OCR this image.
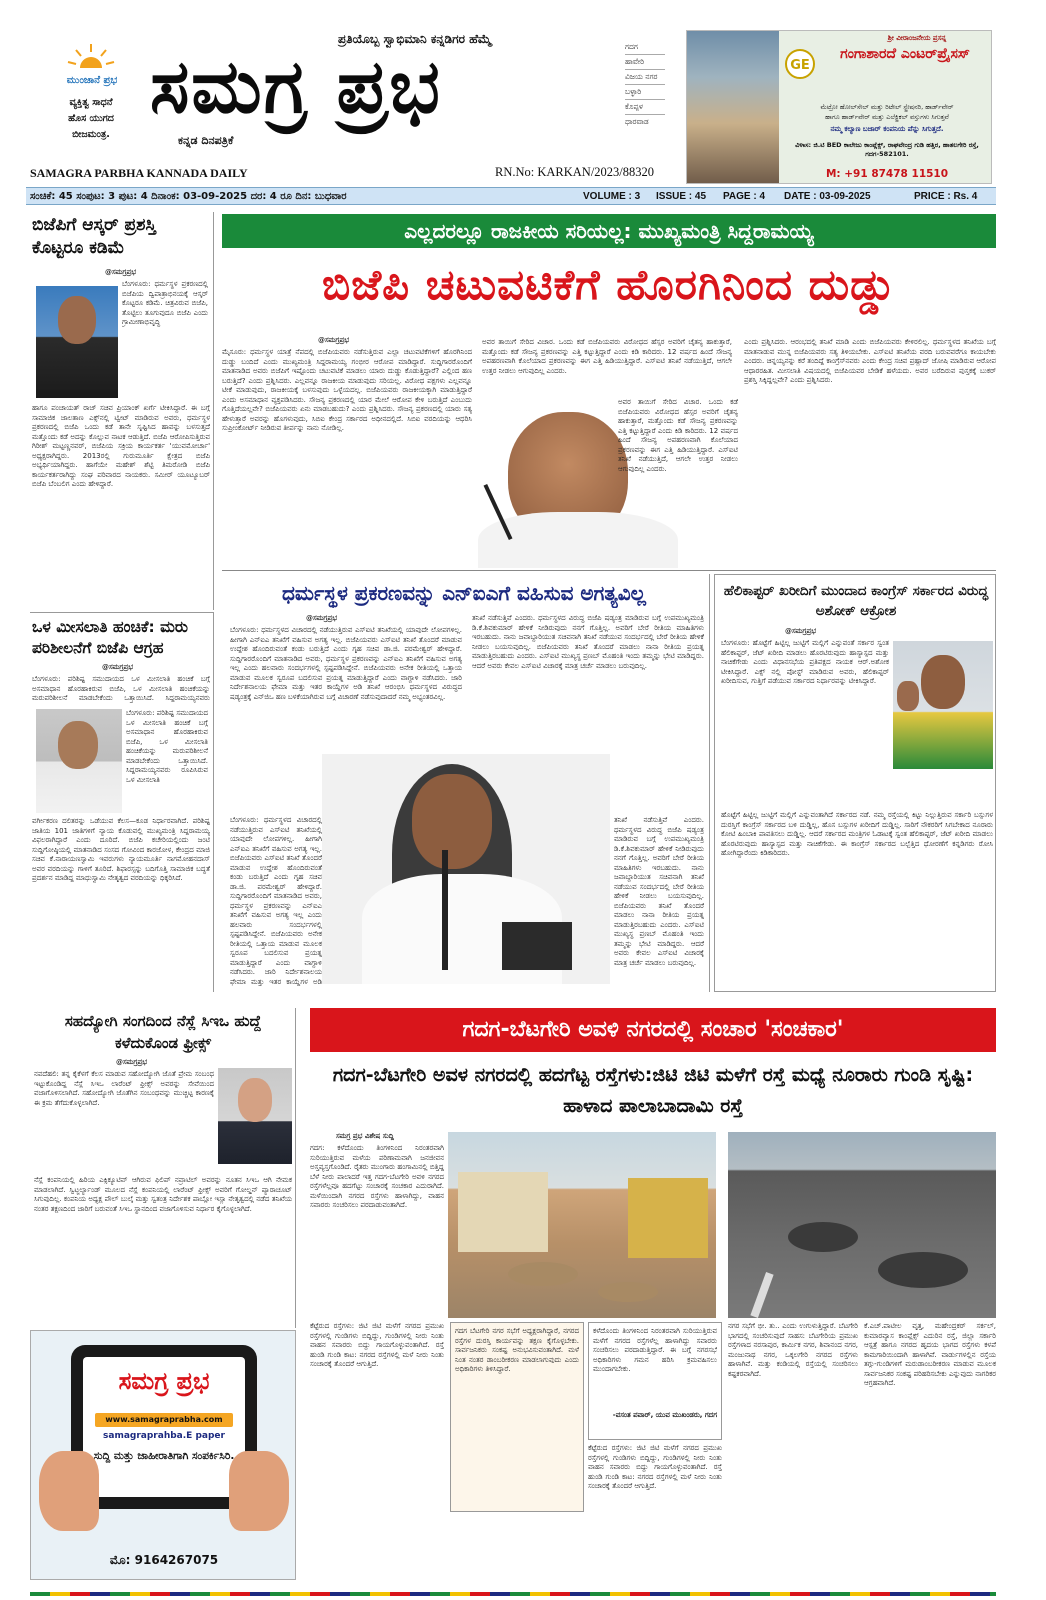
ಮುಂಜಾನೆ ಪ್ರಭ
ವ್ಯಕ್ತಿತ್ವ ಸಾಧನೆ
ಹೊಸ ಯುಗದ
ಬೀಜಮಂತ್ರ.
ಪ್ರತಿಯೊಬ್ಬ ಸ್ವಾಭಿಮಾನಿ ಕನ್ನಡಿಗರ ಹೆಮ್ಮೆ
ಸಮಗ್ರ ಪ್ರಭ
ಕನ್ನಡ ದಿನಪತ್ರಿಕೆ
SAMAGRA PARBHA KANNADA DAILY	RN.No: KARKAN/2023/88320
ಗದಗ
ಹಾವೇರಿ
ವಿಜಯ ನಗರ
ಬಳ್ಳಾರಿ
ಕೊಪ್ಪಳ
ಧಾರವಾಡ
ಶ್ರೀ ವೀರಾಂಜನೇಯ ಪ್ರಸನ್ನ
GE
ಗಂಗಾಶಾರದೆ ಎಂಟರ್‌ಪ್ರೈಸಸ್
ಮೆಟ್ರೋ ಹೋಲ್‌ಸೇಲ್ ಮತ್ತು ರಿಟೇಲ್ ಸ್ಟ್ರೇಷನರಿ, ಹಾರ್ಡ್‌ವೇರ್
ಹಾಗೂ ಹಾರ್ಡ್‌ವೇರ್ ಮತ್ತು ಎಲೆಕ್ಟ್ರಿಕಲ್ ವಸ್ತುಗಳು ಸಿಗುತ್ತವೆ
ನಮ್ಮ ಕಲ್ಯಾಣ ಬಜಾರ್ ಕಂಪನಿಯ ಪೆನ್ನು ಸಿಗುತ್ತದೆ.
ವಿಳಾಸ: ಜಿ.ಟಿ BED ಕಾಲೇಜು ಕಾಂಪ್ಲೆಕ್ಸ್, ರಾಘವೇಂದ್ರ ಗುಡಿ ಹತ್ತಿರ, ಹಾತಲಗೇರಿ ರಸ್ತೆ, ಗದಗ-582101.
M: +91 87478 11510
ಸಂಚಿಕೆ: 45 ಸಂಪುಟ: 3 ಪುಟ: 4 ದಿನಾಂಕ: 03-09-2025 ದರ: 4 ರೂ ದಿನ: ಬುಧವಾರ	VOLUME : 3	ISSUE : 45	PAGE : 4	DATE : 03-09-2025	PRICE : Rs. 4
ಬಿಜೆಪಿಗೆ ಆಸ್ಕರ್ ಪ್ರಶಸ್ತಿ ಕೊಟ್ಟರೂ ಕಡಿಮೆ
@ಸಮಗ್ರಪ್ರಭ
ಬೆಂಗಳೂರು: ಧರ್ಮಸ್ಥಳ ಪ್ರಕರಣದಲ್ಲಿ ಬಿಜೆಪಿಯ ದ್ವಿಪಾತ್ರಾಭಿನಯಕ್ಕೆ ಆಸ್ಕರ್ ಕೊಟ್ಟರೂ ಕಡಿಮೆ. ಚಿತ್ರವಿರುವ ಬಿಜೆಪಿ, ತೊಟ್ಟಿಲು ತೂಗುವುದೂ ಬಿಜೆಪಿ ಎಂದು ಗ್ರಾಮೀಣಾಭಿವೃದ್ಧಿ
ಹಾಗೂ ಪಂಚಾಯತ್ ರಾಜ್ ಸಚಿವ ಪ್ರಿಯಾಂಕ್ ಖರ್ಗೆ ಟೀಕಿಸಿದ್ದಾರೆ. ಈ ಬಗ್ಗೆ ಸಾಮಾಜಿಕ ಜಾಲತಾಣ ಎಕ್ಸ್‌ನಲ್ಲಿ ಟ್ವೀಟ್ ಮಾಡಿರುವ ಅವರು, ಧರ್ಮಸ್ಥಳ ಪ್ರಕರಣದಲ್ಲಿ ಬಿಜೆಪಿ ಒಂದು ಕಡೆ ತಾನೇ ಸೃಷ್ಟಿಸಿದ ಹಾವನ್ನು ಬಳಸುತ್ತದೆ ಮತ್ತೊಂದು ಕಡೆ ಅದನ್ನು ಕೊಲ್ಲುವ ನಾಟಕ ಆಡುತ್ತಿದೆ. ಬಿಜೆಪಿ ಆರೋಪಿಸುತ್ತಿರುವ ಗಿರೀಶ್ ಮಟ್ಟಣ್ಣನವರ್, ಬಿಜೆಪಿಯ ಸಕ್ರಿಯ ಕಾರ್ಯಕರ್ತ 'ಯುವಮೋರ್ಚಾ' ಅಧ್ಯಕ್ಷರಾಗಿದ್ದರು. 2013ರಲ್ಲಿ ಗುರುಮೂರ್ತಿ ಕ್ಷೇತ್ರದ ಬಿಜೆಪಿ ಅಭ್ಯರ್ಥಿಯಾಗಿದ್ದರು. ಹಾಗೆಯೇ ಮಹೇಶ್ ಶೆಟ್ಟಿ ತಿಮರೋಡಿ ಬಿಜೆಪಿ ಕಾರ್ಯಕರ್ತರಾಗಿದ್ದು ಸಂಘ ಪರಿವಾರದ ನಾಯಕರು. ಸಮೀರ್ ಯೂಟ್ಯೂಬರ್ ಬಿಜೆಪಿ ಬೆಂಬಲಿಗ ಎಂದು ಹೇಳಿದ್ದಾರೆ.
ಒಳ ಮೀಸಲಾತಿ ಹಂಚಿಕೆ: ಮರು ಪರಿಶೀಲನೆಗೆ ಬಿಜೆಪಿ ಆಗ್ರಹ
@ಸಮಗ್ರಪ್ರಭ
ಬೆಂಗಳೂರು: ಪರಿಶಿಷ್ಟ ಸಮುದಾಯದ ಒಳ ಮೀಸಲಾತಿ ಹಂಚಿಕೆ ಬಗ್ಗೆ ಅಸಮಾಧಾನ ಹೊರಹಾಕಿರುವ ಬಿಜೆಪಿ, ಒಳ ಮೀಸಲಾತಿ ಹಂಚಿಕೆಯನ್ನು ಮರುಪರಿಶೀಲನೆ ಮಾಡಬೇಕೆಂದು ಒತ್ತಾಯಿಸಿದೆ. ಸಿದ್ದರಾಮಯ್ಯನವರು
ಬೆಂಗಳೂರು: ಪರಿಶಿಷ್ಟ ಸಮುದಾಯದ ಒಳ ಮೀಸಲಾತಿ ಹಂಚಿಕೆ ಬಗ್ಗೆ ಅಸಮಾಧಾನ ಹೊರಹಾಕಿರುವ ಬಿಜೆಪಿ, ಒಳ ಮೀಸಲಾತಿ ಹಂಚಿಕೆಯನ್ನು ಮರುಪರಿಶೀಲನೆ ಮಾಡಬೇಕೆಂದು ಒತ್ತಾಯಿಸಿದೆ. ಸಿದ್ದರಾಮಯ್ಯನವರು ರೂಪಿಸಿರುವ ಒಳ ಮೀಸಲಾತಿ
ವರ್ಗೀಕರಣ ದಲಿತರನ್ನು ಒಡೆಯುವ ಕೆಲಸ—ಕೂಡ ನಿರ್ಧಾರವಾಗಿದೆ. ಪರಿಶಿಷ್ಟ ಜಾತಿಯ 101 ಜಾತಿಗಳಿಗೆ ನ್ಯಾಯ ಕೊಡುವಲ್ಲಿ ಮುಖ್ಯಮಂತ್ರಿ ಸಿದ್ದರಾಮಯ್ಯ ವಿಫಲರಾಗಿದ್ದಾರೆ ಎಂದು ದೂರಿದೆ. ಬಿಜೆಪಿ ಕಚೇರಿಯಲ್ಲಿಂದು ಜಂಟಿ ಸುದ್ದಿಗೋಷ್ಠಿಯಲ್ಲಿ ಮಾತನಾಡಿದ ಸಂಸದ ಗೋವಿಂದ ಕಾರಜೋಳ, ಕೇಂದ್ರದ ಮಾಜಿ ಸಚಿವ ಕೆ.ನಾರಾಯಣಸ್ವಾಮಿ ಇವರುಗಳು ನ್ಯಾಯಮೂರ್ತಿ ನಾಗಮೋಹನದಾಸ್ ಅವರ ವರದಿಯನ್ನು ಗಾಳಿಗೆ ತೂರಿದೆ. ಶಿಫಾರಸ್ಸನ್ನು ಬದಿಗೊತ್ತಿ ಸಾಮಾಜಿಕ ಬದ್ಧತೆ ಪ್ರದರ್ಶನ ಮಾಡಿದ್ದ ಮಾಧುಸ್ವಾಮಿ ನೇತೃತ್ವದ ವರದಿಯನ್ನು ಧಿಕ್ಕರಿಸಿದೆ.
ಎಲ್ಲದರಲ್ಲೂ ರಾಜಕೀಯ ಸರಿಯಲ್ಲ: ಮುಖ್ಯಮಂತ್ರಿ ಸಿದ್ದರಾಮಯ್ಯ
ಬಿಜೆಪಿ ಚಟುವಟಿಕೆಗೆ ಹೊರಗಿನಿಂದ ದುಡ್ಡು
@ಸಮಗ್ರಪ್ರಭ
ಮೈಸೂರು: ಧರ್ಮಸ್ಥಳ ಯಾತ್ರೆ ನೆಪದಲ್ಲಿ ಬಿಜೆಪಿಯವರು ನಡೆಸುತ್ತಿರುವ ಎಲ್ಲಾ ಚಟುವಟಿಕೆಗಳಿಗೆ ಹೊರಗಿನಿಂದ ದುಡ್ಡು ಬಂದಿದೆ ಎಂದು ಮುಖ್ಯಮಂತ್ರಿ ಸಿದ್ದರಾಮಯ್ಯ ಗಂಭೀರ ಆರೋಪ ಮಾಡಿದ್ದಾರೆ. ಸುದ್ದಿಗಾರರೊಂದಿಗೆ ಮಾತನಾಡಿದ ಅವರು ಬಿಜೆಪಿಗೆ ಇಷ್ಟೊಂದು ಚಟುವಟಿಕೆ ಮಾಡಲು ಯಾರು ದುಡ್ಡು ಕೊಡುತ್ತಿದ್ದಾರೆ? ಎಲ್ಲಿಂದ ಹಣ ಬರುತ್ತಿದೆ? ಎಂದು ಪ್ರಶ್ನಿಸಿದರು. ಎಲ್ಲವನ್ನೂ ರಾಜಕೀಯ ಮಾಡುವುದು ಸರಿಯಲ್ಲ. ವಿರೋಧ ಪಕ್ಷಗಳು ಎಲ್ಲವನ್ನೂ ಟೀಕೆ ಮಾಡುವುದು, ರಾಜಕೀಯಕ್ಕೆ ಬಳಸುವುದು ಒಳ್ಳೆಯದಲ್ಲ. ಬಿಜೆಪಿಯವರು ರಾಜಕೀಯಕ್ಕಾಗಿ ಮಾಡುತ್ತಿದ್ದಾರೆ ಎಂದು ಅಸಮಾಧಾನ ವ್ಯಕ್ತಪಡಿಸಿದರು. ಸೌಜನ್ಯ ಪ್ರಕರಣದಲ್ಲಿ ಯಾರ ಮೇಲೆ ಆರೋಪ ಕೇಳಿ ಬರುತ್ತಿದೆ ಎಂಬುದು ಗೊತ್ತಿದೆಯಲ್ಲವೇ? ಬಿಜೆಪಿಯವರು ಏನು ಮಾಡಬಹುದು? ಎಂದು ಪ್ರಶ್ನಿಸಿದರು. ಸೌಜನ್ಯ ಪ್ರಕರಣದಲ್ಲಿ ಯಾರು ಸತ್ಯ ಹೇಳುತ್ತಾರೆ ಅವರನ್ನು ಹೊಗಳುವುದು, ಸಿಬಿಐ ಕೇಂದ್ರ ಸರ್ಕಾರದ ಅಧೀನದಲ್ಲಿದೆ. ಸಿಬಿಐ ವರದಿಯನ್ನು ಆಧರಿಸಿ ಸುಪ್ರೀಂಕೋರ್ಟ್ ನೀಡಿರುವ ತೀರ್ಪನ್ನು ನಾನು ನೋಡಿಲ್ಲ.
ಅವರ ತಾಯಿಗೆ ಸೇರಿದ ವಿಚಾರ. ಒಂದು ಕಡೆ ಬಿಜೆಪಿಯವರು ವಿರೋಧದ ಹೆಸ್ಸರ ಅವರಿಗೆ ಚೈತನ್ಯ ಹಾಕುತ್ತಾರೆ, ಮತ್ತೊಂದು ಕಡೆ ಸೌಜನ್ಯ ಪ್ರಕರಣವನ್ನು ಎತ್ತಿ ಕಟ್ಟುತ್ತಿದ್ದಾರೆ ಎಂದು ಕಿಡಿ ಕಾರಿದರು. 12 ವರ್ಷದ ಹಿಂದೆ ಸೌಜನ್ಯ ಅಪಹರಣವಾಗಿ ಕೊಲೆಯಾದ ಪ್ರಕರಣವನ್ನು ಈಗ ಎತ್ತಿ ಹಿಡಿಯುತ್ತಿದ್ದಾರೆ. ಎಸ್ಐಟಿ ತನಿಖೆ ನಡೆಯುತ್ತಿದೆ, ಆಗಲೇ ಉತ್ತರ ನೀಡಲು ಆಗುವುದಿಲ್ಲ ಎಂದರು.
ಅವರ ತಾಯಿಗೆ ಸೇರಿದ ವಿಚಾರ. ಒಂದು ಕಡೆ ಬಿಜೆಪಿಯವರು ವಿರೋಧದ ಹೆಸ್ಸರ ಅವರಿಗೆ ಚೈತನ್ಯ ಹಾಕುತ್ತಾರೆ, ಮತ್ತೊಂದು ಕಡೆ ಸೌಜನ್ಯ ಪ್ರಕರಣವನ್ನು ಎತ್ತಿ ಕಟ್ಟುತ್ತಿದ್ದಾರೆ ಎಂದು ಕಿಡಿ ಕಾರಿದರು. 12 ವರ್ಷದ ಹಿಂದೆ ಸೌಜನ್ಯ ಅಪಹರಣವಾಗಿ ಕೊಲೆಯಾದ ಪ್ರಕರಣವನ್ನು ಈಗ ಎತ್ತಿ ಹಿಡಿಯುತ್ತಿದ್ದಾರೆ. ಎಸ್ಐಟಿ ತನಿಖೆ ನಡೆಯುತ್ತಿದೆ, ಆಗಲೇ ಉತ್ತರ ನೀಡಲು ಆಗುವುದಿಲ್ಲ ಎಂದರು.
ಎಂದು ಪ್ರಶ್ನಿಸಿದರು. ಆರಂಭದಲ್ಲಿ ತನಿಖೆ ಮಾಡಿ ಎಂದು ಬಿಜೆಪಿಯವರು ಕೇಳಿರಲಿಲ್ಲ. ಧರ್ಮಸ್ಥಳದ ತನಿಖೆಯ ಬಗ್ಗೆ ಮಾತನಾಡುವ ಮುನ್ನ ಬಿಜೆಪಿಯವರು ಸತ್ಯ ತಿಳಿಯಬೇಕು. ಎಸ್ಐಟಿ ತನಿಖೆಯ ವರದಿ ಬರುವವರೆಗೂ ಕಾಯಬೇಕು ಎಂದರು. ಚಿನ್ನಯ್ಯನನ್ನು ಕರೆ ತಂದಿದ್ದೆ ಕಾಂಗ್ರೆಸ್‌ನವರು ಎಂದು ಕೇಂದ್ರ ಸಚಿವ ಪ್ರಹ್ಲಾದ್ ಜೋಷಿ ಮಾಡಿರುವ ಆರೋಪ ಆಧಾರರಹಿತ. ಮೀಸಲಾತಿ ವಿಷಯದಲ್ಲಿ ಬಿಜೆಪಿಯವರ ಬೇಡಿಕೆ ಹಳೆಯದು. ಅವರ ಬರೆದಿರುವ ಪುಸ್ತಕಕ್ಕೆ ಬುಕರ್ ಪ್ರಶಸ್ತಿ ಸಿಕ್ಕಿದ್ದಲ್ಲವೇ? ಎಂದು ಪ್ರಶ್ನಿಸಿದರು.
ಧರ್ಮಸ್ಥಳ ಪ್ರಕರಣವನ್ನು ಎನ್‌ಐಎಗೆ ವಹಿಸುವ ಅಗತ್ಯವಿಲ್ಲ
@ಸಮಗ್ರಪ್ರಭ
ಬೆಂಗಳೂರು: ಧರ್ಮಸ್ಥಳದ ವಿಚಾರದಲ್ಲಿ ನಡೆಯುತ್ತಿರುವ ಎಸ್ಐಟಿ ತನಿಖೆಯಲ್ಲಿ ಯಾವುದೇ ಲೋಪಗಳಿಲ್ಲ. ಹೀಗಾಗಿ ಎನ್ಐಎ ತನಿಖೆಗೆ ವಹಿಸುವ ಅಗತ್ಯ ಇಲ್ಲ. ಬಿಜೆಪಿಯವರು ಎಸ್ಐಟಿ ತನಿಖೆ ತೊಂದರೆ ಮಾಡುವ ಉದ್ದೇಶ ಹೊಂದಿರುವಂತೆ ಕಂಡು ಬರುತ್ತಿದೆ ಎಂದು ಗೃಹ ಸಚಿವ ಡಾ.ಜಿ. ಪರಮೇಶ್ವರ್ ಹೇಳಿದ್ದಾರೆ. ಸುದ್ದಿಗಾರರೊಂದಿಗೆ ಮಾತನಾಡಿದ ಅವರು, ಧರ್ಮಸ್ಥಳ ಪ್ರಕರಣವನ್ನು ಎನ್ಐಎ ತನಿಖೆಗೆ ವಹಿಸುವ ಅಗತ್ಯ ಇಲ್ಲ ಎಂದು ಹಲವಾರು ಸಂದರ್ಭಗಳಲ್ಲಿ ಸ್ಪಷ್ಟಪಡಿಸಿದ್ದೇನೆ. ಬಿಜೆಪಿಯವರು ಅನೇಕ ರೀತಿಯಲ್ಲಿ ಒತ್ತಾಯ ಮಾಡುವ ಮೂಲಕ ಸ್ವರೂಪ ಬದಲಿಸುವ ಪ್ರಯತ್ನ ಮಾಡುತ್ತಿದ್ದಾರೆ ಎಂದು ವಾಗ್ದಾಳಿ ನಡೆಸಿದರು. ಜಾರಿ ನಿರ್ದೇಶನಾಲಯ ಫೇಮಾ ಮತ್ತು ಇತರ ಕಾಯ್ದೆಗಳ ಅಡಿ ತನಿಖೆ ಆರಂಭಿಸಿ ಧರ್ಮಸ್ಥಳದ ವಿರುದ್ಧದ ಷಡ್ಯಂತ್ರಕ್ಕೆ ಎನ್‌ಜಿಒ ಹಣ ಬಳಕೆಯಾಗಿರುವ ಬಗ್ಗೆ ವಿಚಾರಣೆ ನಡೆಸುವುದಾದರೆ ನಮ್ಮ ಅಭ್ಯಂತರವಿಲ್ಲ.
ತನಿಖೆ ನಡೆಸುತ್ತಿವೆ ಎಂದರು. ಧರ್ಮಸ್ಥಳದ ವಿರುದ್ಧ ಬಿಜೆಪಿ ಷಡ್ಯಂತ್ರ ಮಾಡಿರುವ ಬಗ್ಗೆ ಉಪಮುಖ್ಯಮಂತ್ರಿ ಡಿ.ಕೆ.ಶಿವಕುಮಾರ್ ಹೇಳಿಕೆ ನೀಡಿರುವುದು ನನಗೆ ಗೊತ್ತಿಲ್ಲ. ಅವರಿಗೆ ಬೇರೆ ರೀತಿಯ ಮಾಹಿತಿಗಳು ಇರಬಹುದು. ನಾನು ಜವಾಬ್ದಾರಿಯುತ ಸಚಿವನಾಗಿ ತನಿಖೆ ನಡೆಯುವ ಸಂದರ್ಭದಲ್ಲಿ ಬೇರೆ ರೀತಿಯ ಹೇಳಿಕೆ ನೀಡಲು ಬಯಸುವುದಿಲ್ಲ. ಬಿಜೆಪಿಯವರು ತನಿಖೆ ತೊಂದರೆ ಮಾಡಲು ನಾನಾ ರೀತಿಯ ಪ್ರಯತ್ನ ಮಾಡುತ್ತಿರಬಹುದು ಎಂದರು. ಎಸ್ಐಟಿ ಮುಖ್ಯಸ್ಥ ಪ್ರಣಬ್ ಮೊಹಂತಿ ಇಂದು ತಮ್ಮನ್ನು ಭೇಟಿ ಮಾಡಿದ್ದರು. ಆದರೆ ಅವರು ಕೇವಲ ಎಸ್ಐಟಿ ವಿಚಾರಕ್ಕೆ ಮಾತ್ರ ಚರ್ಚೆ ಮಾಡಲು ಬರುವುದಿಲ್ಲ.
ಬೆಂಗಳೂರು: ಧರ್ಮಸ್ಥಳದ ವಿಚಾರದಲ್ಲಿ ನಡೆಯುತ್ತಿರುವ ಎಸ್ಐಟಿ ತನಿಖೆಯಲ್ಲಿ ಯಾವುದೇ ಲೋಪಗಳಿಲ್ಲ. ಹೀಗಾಗಿ ಎನ್ಐಎ ತನಿಖೆಗೆ ವಹಿಸುವ ಅಗತ್ಯ ಇಲ್ಲ. ಬಿಜೆಪಿಯವರು ಎಸ್ಐಟಿ ತನಿಖೆ ತೊಂದರೆ ಮಾಡುವ ಉದ್ದೇಶ ಹೊಂದಿರುವಂತೆ ಕಂಡು ಬರುತ್ತಿದೆ ಎಂದು ಗೃಹ ಸಚಿವ ಡಾ.ಜಿ. ಪರಮೇಶ್ವರ್ ಹೇಳಿದ್ದಾರೆ. ಸುದ್ದಿಗಾರರೊಂದಿಗೆ ಮಾತನಾಡಿದ ಅವರು, ಧರ್ಮಸ್ಥಳ ಪ್ರಕರಣವನ್ನು ಎನ್ಐಎ ತನಿಖೆಗೆ ವಹಿಸುವ ಅಗತ್ಯ ಇಲ್ಲ ಎಂದು ಹಲವಾರು ಸಂದರ್ಭಗಳಲ್ಲಿ ಸ್ಪಷ್ಟಪಡಿಸಿದ್ದೇನೆ. ಬಿಜೆಪಿಯವರು ಅನೇಕ ರೀತಿಯಲ್ಲಿ ಒತ್ತಾಯ ಮಾಡುವ ಮೂಲಕ ಸ್ವರೂಪ ಬದಲಿಸುವ ಪ್ರಯತ್ನ ಮಾಡುತ್ತಿದ್ದಾರೆ ಎಂದು ವಾಗ್ದಾಳಿ ನಡೆಸಿದರು. ಜಾರಿ ನಿರ್ದೇಶನಾಲಯ ಫೇಮಾ ಮತ್ತು ಇತರ ಕಾಯ್ದೆಗಳ ಅಡಿ
ತನಿಖೆ ನಡೆಸುತ್ತಿವೆ ಎಂದರು. ಧರ್ಮಸ್ಥಳದ ವಿರುದ್ಧ ಬಿಜೆಪಿ ಷಡ್ಯಂತ್ರ ಮಾಡಿರುವ ಬಗ್ಗೆ ಉಪಮುಖ್ಯಮಂತ್ರಿ ಡಿ.ಕೆ.ಶಿವಕುಮಾರ್ ಹೇಳಿಕೆ ನೀಡಿರುವುದು ನನಗೆ ಗೊತ್ತಿಲ್ಲ. ಅವರಿಗೆ ಬೇರೆ ರೀತಿಯ ಮಾಹಿತಿಗಳು ಇರಬಹುದು. ನಾನು ಜವಾಬ್ದಾರಿಯುತ ಸಚಿವನಾಗಿ ತನಿಖೆ ನಡೆಯುವ ಸಂದರ್ಭದಲ್ಲಿ ಬೇರೆ ರೀತಿಯ ಹೇಳಿಕೆ ನೀಡಲು ಬಯಸುವುದಿಲ್ಲ. ಬಿಜೆಪಿಯವರು ತನಿಖೆ ತೊಂದರೆ ಮಾಡಲು ನಾನಾ ರೀತಿಯ ಪ್ರಯತ್ನ ಮಾಡುತ್ತಿರಬಹುದು ಎಂದರು. ಎಸ್ಐಟಿ ಮುಖ್ಯಸ್ಥ ಪ್ರಣಬ್ ಮೊಹಂತಿ ಇಂದು ತಮ್ಮನ್ನು ಭೇಟಿ ಮಾಡಿದ್ದರು. ಆದರೆ ಅವರು ಕೇವಲ ಎಸ್ಐಟಿ ವಿಚಾರಕ್ಕೆ ಮಾತ್ರ ಚರ್ಚೆ ಮಾಡಲು ಬರುವುದಿಲ್ಲ.
ಹೆಲಿಕಾಪ್ಟರ್ ಖರೀದಿಗೆ ಮುಂದಾದ ಕಾಂಗ್ರೆಸ್ ಸರ್ಕಾರದ ವಿರುದ್ಧ ಅಶೋಕ್ ಆಕ್ರೋಶ
@ಸಮಗ್ರಪ್ರಭ
ಬೆಂಗಳೂರು: ಹೊಟ್ಟೆಗೆ ಹಿಟ್ಟಿಲ್ಲ ಜುಟ್ಟಿಗೆ ಮಲ್ಲಿಗೆ ಎನ್ನುವಂತೆ ಸರ್ಕಾರ ಸ್ವಂತ ಹೆಲಿಕಾಪ್ಟರ್, ಜೆಟ್ ಖರೀದಿ ಮಾಡಲು ಹೊರಟಿರುವುದು ಹಾಸ್ಯಾಸ್ಪದ ಮತ್ತು ನಾಚಿಕೆಗೇಡು ಎಂದು ವಿಧಾನಸಭೆಯ ಪ್ರತಿಪಕ್ಷದ ನಾಯಕ ಆರ್.ಅಶೋಕ ಟೀಕಿಸಿದ್ದಾರೆ. ಎಕ್ಸ್ ನಲ್ಲಿ ಪೋಸ್ಟ್ ಮಾಡಿರುವ ಅವರು, ಹೆಲಿಕಾಪ್ಟರ್ ಖರೀದಿಸುವ, ಗುತ್ತಿಗೆ ಪಡೆಯುವ ಸರ್ಕಾರದ ನಿರ್ಧಾರವನ್ನು ಟೀಕಿಸಿದ್ದಾರೆ.
ಹೊಟ್ಟೆಗೆ ಹಿಟ್ಟಿಲ್ಲ ಜುಟ್ಟಿಗೆ ಮಲ್ಲಿಗೆ ಎನ್ನುವಂತಾಗಿದೆ ಸರ್ಕಾರದ ನಡೆ. ನಮ್ಮ ರಸ್ತೆಯಲ್ಲಿ ಕಿಟ್ಟು ನಿಲ್ಲುತ್ತಿರುವ ಸರ್ಕಾರಿ ಬಸ್ಸುಗಳ ದುರಸ್ತಿಗೆ ಕಾಂಗ್ರೆಸ್ ಸರ್ಕಾರದ ಬಳಿ ದುಡ್ಡಿಲ್ಲ, ಹೊಸ ಬಸ್ಸುಗಳ ಖರೀದಿಗೆ ದುಡ್ಡಿಲ್ಲ. ಸಾರಿಗೆ ನೌಕರರಿಗೆ ಸಿಗಬೇಕಾದ ನೂರಾರು ಕೋಟಿ ಹಿಂಬಾಕಿ ಪಾವತಿಸಲು ದುಡ್ಡಿಲ್ಲ. ಆದರೆ ಸರ್ಕಾರದ ಮಂತ್ರಿಗಳ ಓಡಾಟಕ್ಕೆ ಸ್ವಂತ ಹೆಲಿಕಾಪ್ಟರ್, ಜೆಟ್ ಖರೀದಿ ಮಾಡಲು ಹೊರಟಿರುವುದು ಹಾಸ್ಯಾಸ್ಪದ ಮತ್ತು ನಾಚಿಕೆಗೇಡು. ಈ ಕಾಂಗ್ರೆಸ್ ಸರ್ಕಾರದ ಬಲ್ಬೆತ್ತಿದ ಧೋರಣೆಗೆ ಕನ್ನಡಿಗರು ರೋಸಿ ಹೋಗಿದ್ದಾರೆಂದು ಕಿಡಿಕಾರಿದರು.
ಸಹದ್ಯೋಗಿ ಸಂಗದಿಂದ ನೆಸ್ಲೆ ಸಿಇಒ ಹುದ್ದೆ ಕಳೆದುಕೊಂಡ ಫ್ರೀಕ್ಸ್
@ಸಮಗ್ರಪ್ರಭ
ನವದೆಹಲಿ: ತನ್ನ ಕೈಕೆಳಗೆ ಕೆಲಸ ಮಾಡುವ ಸಹೋದ್ಯೋಗಿ ಜೊತೆ ಪ್ರೇಮ ಸಂಬಂಧ ಇಟ್ಟುಕೊಂಡಿದ್ದ ನೆಸ್ಲೆ ಸಿಇಒ ಲಾರೆಂಟ್ ಫ್ರೀಕ್ಸ್ ಅವರನ್ನು ಸೇವೆಯಿಂದ ವಜಾಗೊಳಿಸಲಾಗಿದೆ. ಸಹೋದ್ಯೋಗಿ ಜೊತೆಗಿನ ಸಂಬಂಧವನ್ನು ಮುಚ್ಚಿಟ್ಟ ಕಾರಣಕ್ಕೆ ಈ ಕ್ರಮ ತೆಗೆದುಕೊಳ್ಳಲಾಗಿದೆ.
ನೆಸ್ಲೆ ಕಂಪನಿಯಲ್ಲಿ ಹಿರಿಯ ಎಕ್ಸಿಕ್ಯೂಟಿವ್ ಆಗಿರುವ ಫಿಲಿಪ್ ನವ್ರಾಟಿಲ್ ಅವರನ್ನು ನೂತನ ಸಿಇಒ ಆಗಿ ನೇಮಕ ಮಾಡಲಾಗಿದೆ. ಸ್ವಿಟ್ಜರ್ಲ್ಯಾಂಡ್ ಮೂಲದ ನೆಸ್ಲೆ ಕಂಪನಿಯಲ್ಲಿ ಲಾರೆಂಟ್ ಫ್ರೀಕ್ಸ್ ಅವರಿಗೆ ಗೋಲ್ಡನ್ ಪ್ಯಾರಾಚೂಟ್ ಸಿಗುವುದಿಲ್ಲ. ಕಂಪನಿಯ ಅಧ್ಯಕ್ಷ ಪೌಲ್ ಬುಲ್ಕೆ ಮತ್ತು ಸ್ವತಂತ್ರ ನಿರ್ದೇಶಕ ಪಾಬ್ಲೋ ಇಸ್ಲಾ ನೇತೃತ್ವದಲ್ಲಿ ನಡೆದ ತನಿಖೆಯ ನಂತರ ತಕ್ಷಣದಿಂದ ಜಾರಿಗೆ ಬರುವಂತೆ ಸಿಇಒ ಸ್ಥಾನದಿಂದ ವಜಾಗೊಳಿಸುವ ನಿರ್ಧಾರ ಕೈಗೊಳ್ಳಲಾಗಿದೆ.
ಸಮಗ್ರ ಪ್ರಭ
www.samagraprabha.com
samagraprahba.E paper
ಸುದ್ದಿ ಮತ್ತು ಜಾಹೀರಾತಿಗಾಗಿ ಸಂಪರ್ಕಿಸಿರಿ.
ಮೊ: 9164267075
ಗದಗ-ಬೆಟಗೇರಿ ಅವಳಿ ನಗರದಲ್ಲಿ ಸಂಚಾರ 'ಸಂಚಕಾರ'
ಗದಗ-ಬೆಟಗೇರಿ ಅವಳ ನಗರದಲ್ಲಿ ಹದಗೆಟ್ಟ ರಸ್ತೆಗಳು:ಜಿಟಿ ಜಿಟಿ ಮಳೆಗೆ ರಸ್ತೆ ಮಧ್ಯೆ ನೂರಾರು ಗುಂಡಿ ಸೃಷ್ಟಿ: ಹಾಳಾದ ಪಾಲಾಬಾದಾಮಿ ರಸ್ತೆ
ಸಮಗ್ರ ಪ್ರಭ ವಿಶೇಷ ಸುದ್ದಿ
ಗದಗ: ಕಳೆದೊಂದು ತಿಂಗಳಿನಿಂದ ನಿರಂತರವಾಗಿ ಸುರಿಯುತ್ತಿರುವ ಮಳೆಯ ಪರಿಣಾಮವಾಗಿ ಜನಜೀವನ ಅಸ್ತವ್ಯಸ್ತಗೊಂಡಿದೆ. ರೈತರು ಮುಂಗಾರು ಹಂಗಾಮಿನಲ್ಲಿ ಬಿತ್ತಿದ್ದ ಬೆಳೆ ನೀರು ಪಾಲಾದರೆ ಇತ್ತ ಗದಗ-ಬೆಟಗೇರಿ ಅವಳಿ ನಗರದ ರಸ್ತೆಗಳೆಲ್ಲವೂ ಹದಗೆಟ್ಟು ಸಂಚಾರಕ್ಕೆ ಸಂಚಕಾರ ಎದುರಾಗಿದೆ. ಮಳೆಯಿಂದಾಗಿ ನಗರದ ರಸ್ತೆಗಳು ಹಾಳಾಗಿದ್ದು, ವಾಹನ ಸವಾರರು ಸಂಚರಿಸಲು ಪರದಾಡುವಂತಾಗಿದೆ.
ಕೆಟ್ಟೆರುದ ರಸ್ತೆಗಳು: ಜಿಟಿ ಜಿಟಿ ಮಳೆಗೆ ನಗರದ ಪ್ರಮುಖ ರಸ್ತೆಗಳಲ್ಲಿ ಗುಂಡಿಗಳು ಬಿದ್ದಿದ್ದು, ಗುಂಡಿಗಳಲ್ಲಿ ನೀರು ನಿಂತು ವಾಹನ ಸವಾರರು ಬಿದ್ದು ಗಾಯಗೊಳ್ಳುವಂತಾಗಿದೆ. ರಸ್ತೆ ಹುಂಡಿ ಗುಂಡಿ ಕಾಟ: ನಗರದ ರಸ್ತೆಗಳಲ್ಲಿ ಮಳೆ ನೀರು ನಿಂತು ಸಂಚಾರಕ್ಕೆ ತೊಂದರೆ ಆಗುತ್ತಿದೆ.
ಗದಗ ಬೆಟಗೇರಿ ನಗರ ಸಭೆಗೆ ಅಧ್ಯಕ್ಷರಾಗಿದ್ದಾರೆ, ನಗರದ ರಸ್ತೆಗಳ ದುರಸ್ತಿ ಕಾರ್ಯವನ್ನು ತಕ್ಷಣ ಕೈಗೊಳ್ಳಬೇಕು. ಸಾರ್ವಜನಿಕರು ಸಂಕಷ್ಟ ಅನುಭವಿಸುವಂತಾಗಿದೆ. ಮಳೆ ನಿಂತ ನಂತರ ಡಾಂಬರೀಕರಣ ಮಾಡಲಾಗುವುದು ಎಂದು ಅಧಿಕಾರಿಗಳು ತಿಳಿಸಿದ್ದಾರೆ.
ಕಳೆದೊಂದು ತಿಂಗಳಿನಿಂದ ನಿರಂತರವಾಗಿ ಸುರಿಯುತ್ತಿರುವ ಮಳೆಗೆ ನಗರದ ರಸ್ತೆಗಳೆಲ್ಲ ಹಾಳಾಗಿದ್ದು ಸವಾರರು ಸಂಚರಿಸಲು ಪರದಾಡುತ್ತಿದ್ದಾರೆ. ಈ ಬಗ್ಗೆ ನಗರಸಭೆ ಅಧಿಕಾರಿಗಳು ಗಮನ ಹರಿಸಿ ಕ್ರಮವಹಿಸಲು ಮುಂದಾಗಬೇಕು.
-ವಸಂತ ಪವಾರ್, ಯುವ ಮುಖಂಡರು, ಗದಗ
ಕೆಟ್ಟೆರುದ ರಸ್ತೆಗಳು: ಜಿಟಿ ಜಿಟಿ ಮಳೆಗೆ ನಗರದ ಪ್ರಮುಖ ರಸ್ತೆಗಳಲ್ಲಿ ಗುಂಡಿಗಳು ಬಿದ್ದಿದ್ದು, ಗುಂಡಿಗಳಲ್ಲಿ ನೀರು ನಿಂತು ವಾಹನ ಸವಾರರು ಬಿದ್ದು ಗಾಯಗೊಳ್ಳುವಂತಾಗಿದೆ. ರಸ್ತೆ ಹುಂಡಿ ಗುಂಡಿ ಕಾಟ: ನಗರದ ರಸ್ತೆಗಳಲ್ಲಿ ಮಳೆ ನೀರು ನಿಂತು ಸಂಚಾರಕ್ಕೆ ತೊಂದರೆ ಆಗುತ್ತಿದೆ.
ನಗರ ಸಭೆಗೆ ಭೀ. ತು.. ಎಂದು ಉಗುಳುತ್ತಿದ್ದಾರೆ. ಬೆಟಗೇರಿ ಭಾಗದಲ್ಲಿ ಸಂಚರಿಸುವುದೆ ಸಾಹಸ: ಬೆಟಗೇರಿಯ ಪ್ರಮುಖ ರಸ್ತೆಗಳಾದ ನರಸಾಪುರ, ಕಾರ್ಮಿಕ ನಗರ, ಶಿವಾನಂದ ನಗರ, ಮಂಜುನಾಥ ನಗರ, ಒಕ್ಕಲಗೇರಿ ನಗರದ ರಸ್ತೆಗಳು ಹಾಳಾಗಿವೆ. ಮತ್ತು ಕಂಡಿಯಲ್ಲಿ ರಸ್ತೆಯಲ್ಲಿ ಸಂಚರಿಸಲು ಕಷ್ಟಕರವಾಗಿದೆ.
ಕೆ.ಎಚ್.ಪಾಟೀಲ ವೃತ್ತ, ಮಹೇಂದ್ರಕರ್ ಸರ್ಕಲ್, ಕುಮಾರವ್ಯಾಸ ಕಾಂಪ್ಲೆಕ್ಸ್ ಎದುರಿನ ರಸ್ತೆ, ಜಿಲ್ಲಾ ಸರ್ಕಾರಿ ಆಸ್ಪತ್ರೆ ಹಾಗೂ ನಗರದ ಹೃದಯ ಭಾಗದ ರಸ್ತೆಗಳು ಕಳಪೆ ಕಾಮಗಾರಿಯಿಂದಾಗಿ ಹಾಳಾಗಿವೆ. ವಾರ್ಡುಗಳಲ್ಲಿನ ರಸ್ತೆಯ ತಗ್ಗು-ಗುಂಡಿಗಳಿಗೆ ಮರುಡಾಂಬರೀಕರಣ ಮಾಡುವ ಮೂಲಕ ಸಾರ್ವಜನಿಕರ ಸಂಕಷ್ಟ ಪರಿಹರಿಸಬೇಕು ಎನ್ನುವುದು ನಾಗರಿಕರ ಆಗ್ರಹವಾಗಿದೆ.
